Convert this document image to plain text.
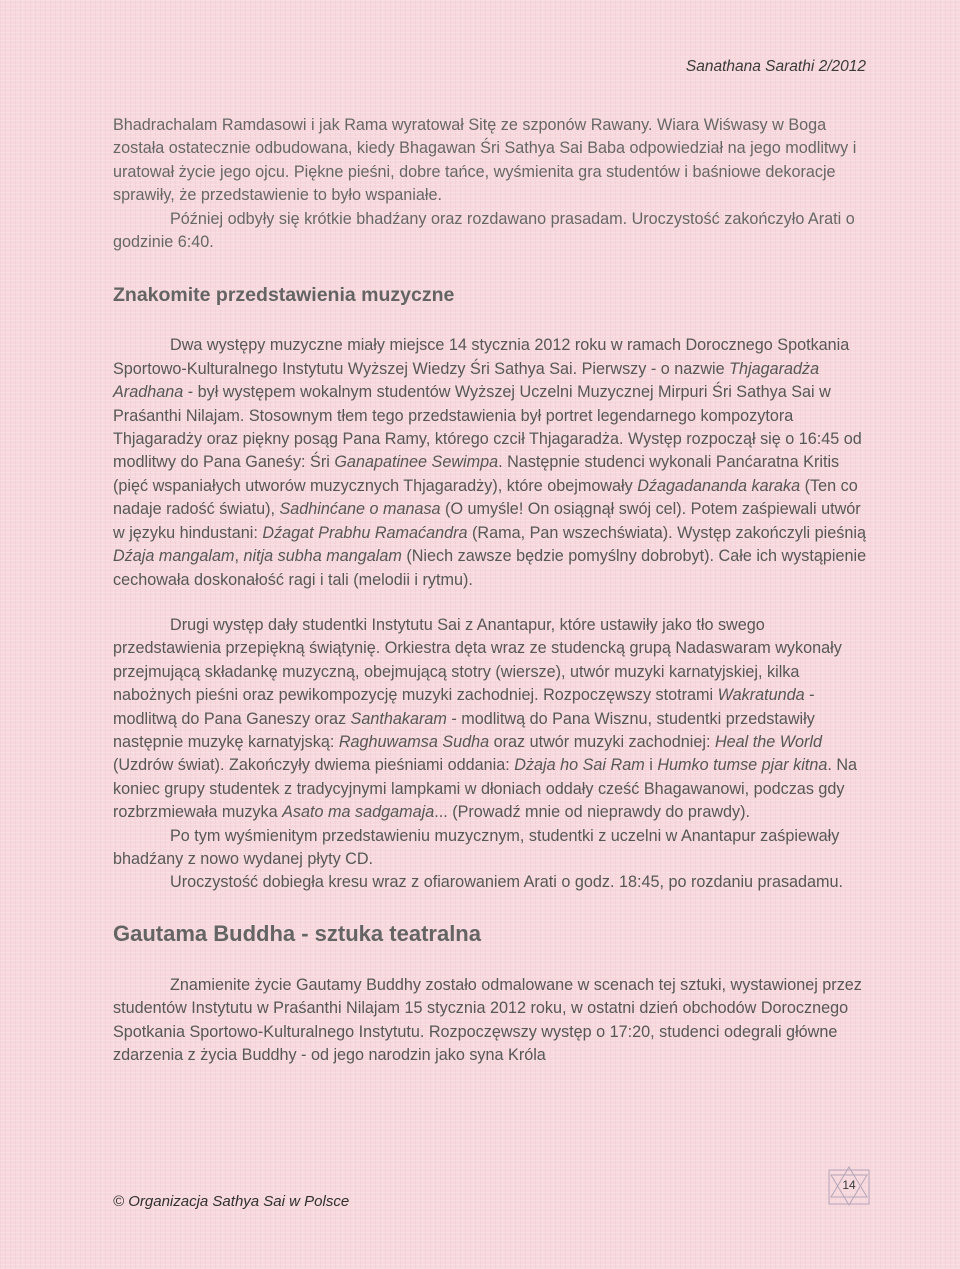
Sanathana Sarathi 2/2012

Bhadrachalam Ramdasowi i jak Rama wyratował Sitę ze szponów Rawany. Wiara Wiśwasy w Boga została ostatecznie odbudowana, kiedy Bhagawan Śri Sathya Sai Baba odpowiedział na jego modlitwy i uratował życie jego ojcu. Piękne pieśni, dobre tańce, wyśmienita gra studentów i baśniowe dekoracje sprawiły, że przedstawienie to było wspaniałe.

Później odbyły się krótkie bhadźany oraz rozdawano prasadam. Uroczystość zakończyło Arati o godzinie 6:40.

Znakomite przedstawienia muzyczne

Dwa występy muzyczne miały miejsce 14 stycznia 2012 roku w ramach Dorocznego Spotkania Sportowo-Kulturalnego Instytutu Wyższej Wiedzy Śri Sathya Sai. Pierwszy - o nazwie Thjagaradża Aradhana - był występem wokalnym studentów Wyższej Uczelni Muzycznej Mirpuri Śri Sathya Sai w Praśanthi Nilajam. Stosownym tłem tego przedstawienia był portret legendarnego kompozytora Thjagaradży oraz piękny posąg Pana Ramy, którego czcił Thjagaradża. Występ rozpoczął się o 16:45 od modlitwy do Pana Ganeśy: Śri Ganapatinee Sewimpa. Następnie studenci wykonali Panćaratna Kritis (pięć wspaniałych utworów muzycznych Thjagaradży), które obejmowały Dźagadananda karaka (Ten co nadaje radość światu), Sadhinćane o manasa (O umyśle! On osiągnął swój cel). Potem zaśpiewali utwór w języku hindustani: Dźagat Prabhu Ramaćandra (Rama, Pan wszechświata). Występ zakończyli pieśnią Dźaja mangalam, nitja subha mangalam (Niech zawsze będzie pomyślny dobrobyt). Całe ich wystąpienie cechowała doskonałość ragi i tali (melodii i rytmu).

Drugi występ dały studentki Instytutu Sai z Anantapur, które ustawiły jako tło swego przedstawienia przepiękną świątynię. Orkiestra dęta wraz ze studencką grupą Nadaswaram wykonały przejmującą składankę muzyczną, obejmującą stotry (wiersze), utwór muzyki karnatyjskiej, kilka nabożnych pieśni oraz pewikompozycję muzyki zachodniej. Rozpoczęwszy stotrami Wakratunda - modlitwą do Pana Ganeszy oraz Santhakaram - modlitwą do Pana Wisznu, studentki przedstawiły następnie muzykę karnatyjską: Raghuwamsa Sudha oraz utwór muzyki zachodniej: Heal the World (Uzdrów świat). Zakończyły dwiema pieśniami oddania: Dżaja ho Sai Ram i Humko tumse pjar kitna. Na koniec grupy studentek z tradycyjnymi lampkami w dłoniach oddały cześć Bhagawanowi, podczas gdy rozbrzmiewała muzyka Asato ma sadgamaja... (Prowadź mnie od nieprawdy do prawdy).

Po tym wyśmienitym przedstawieniu muzycznym, studentki z uczelni w Anantapur zaśpiewały bhadźany z nowo wydanej płyty CD.

Uroczystość dobiegła kresu wraz z ofiarowaniem Arati o godz. 18:45, po rozdaniu prasadamu.

Gautama Buddha - sztuka teatralna

Znamienite życie Gautamy Buddhy zostało odmalowane w scenach tej sztuki, wystawionej przez studentów Instytutu w Praśanthi Nilajam 15 stycznia 2012 roku, w ostatni dzień obchodów Dorocznego Spotkania Sportowo-Kulturalnego Instytutu. Rozpoczęwszy występ o 17:20, studenci odegrali główne zdarzenia z życia Buddhy - od jego narodzin jako syna Króla

© Organizacja Sathya Sai w Polsce
14
